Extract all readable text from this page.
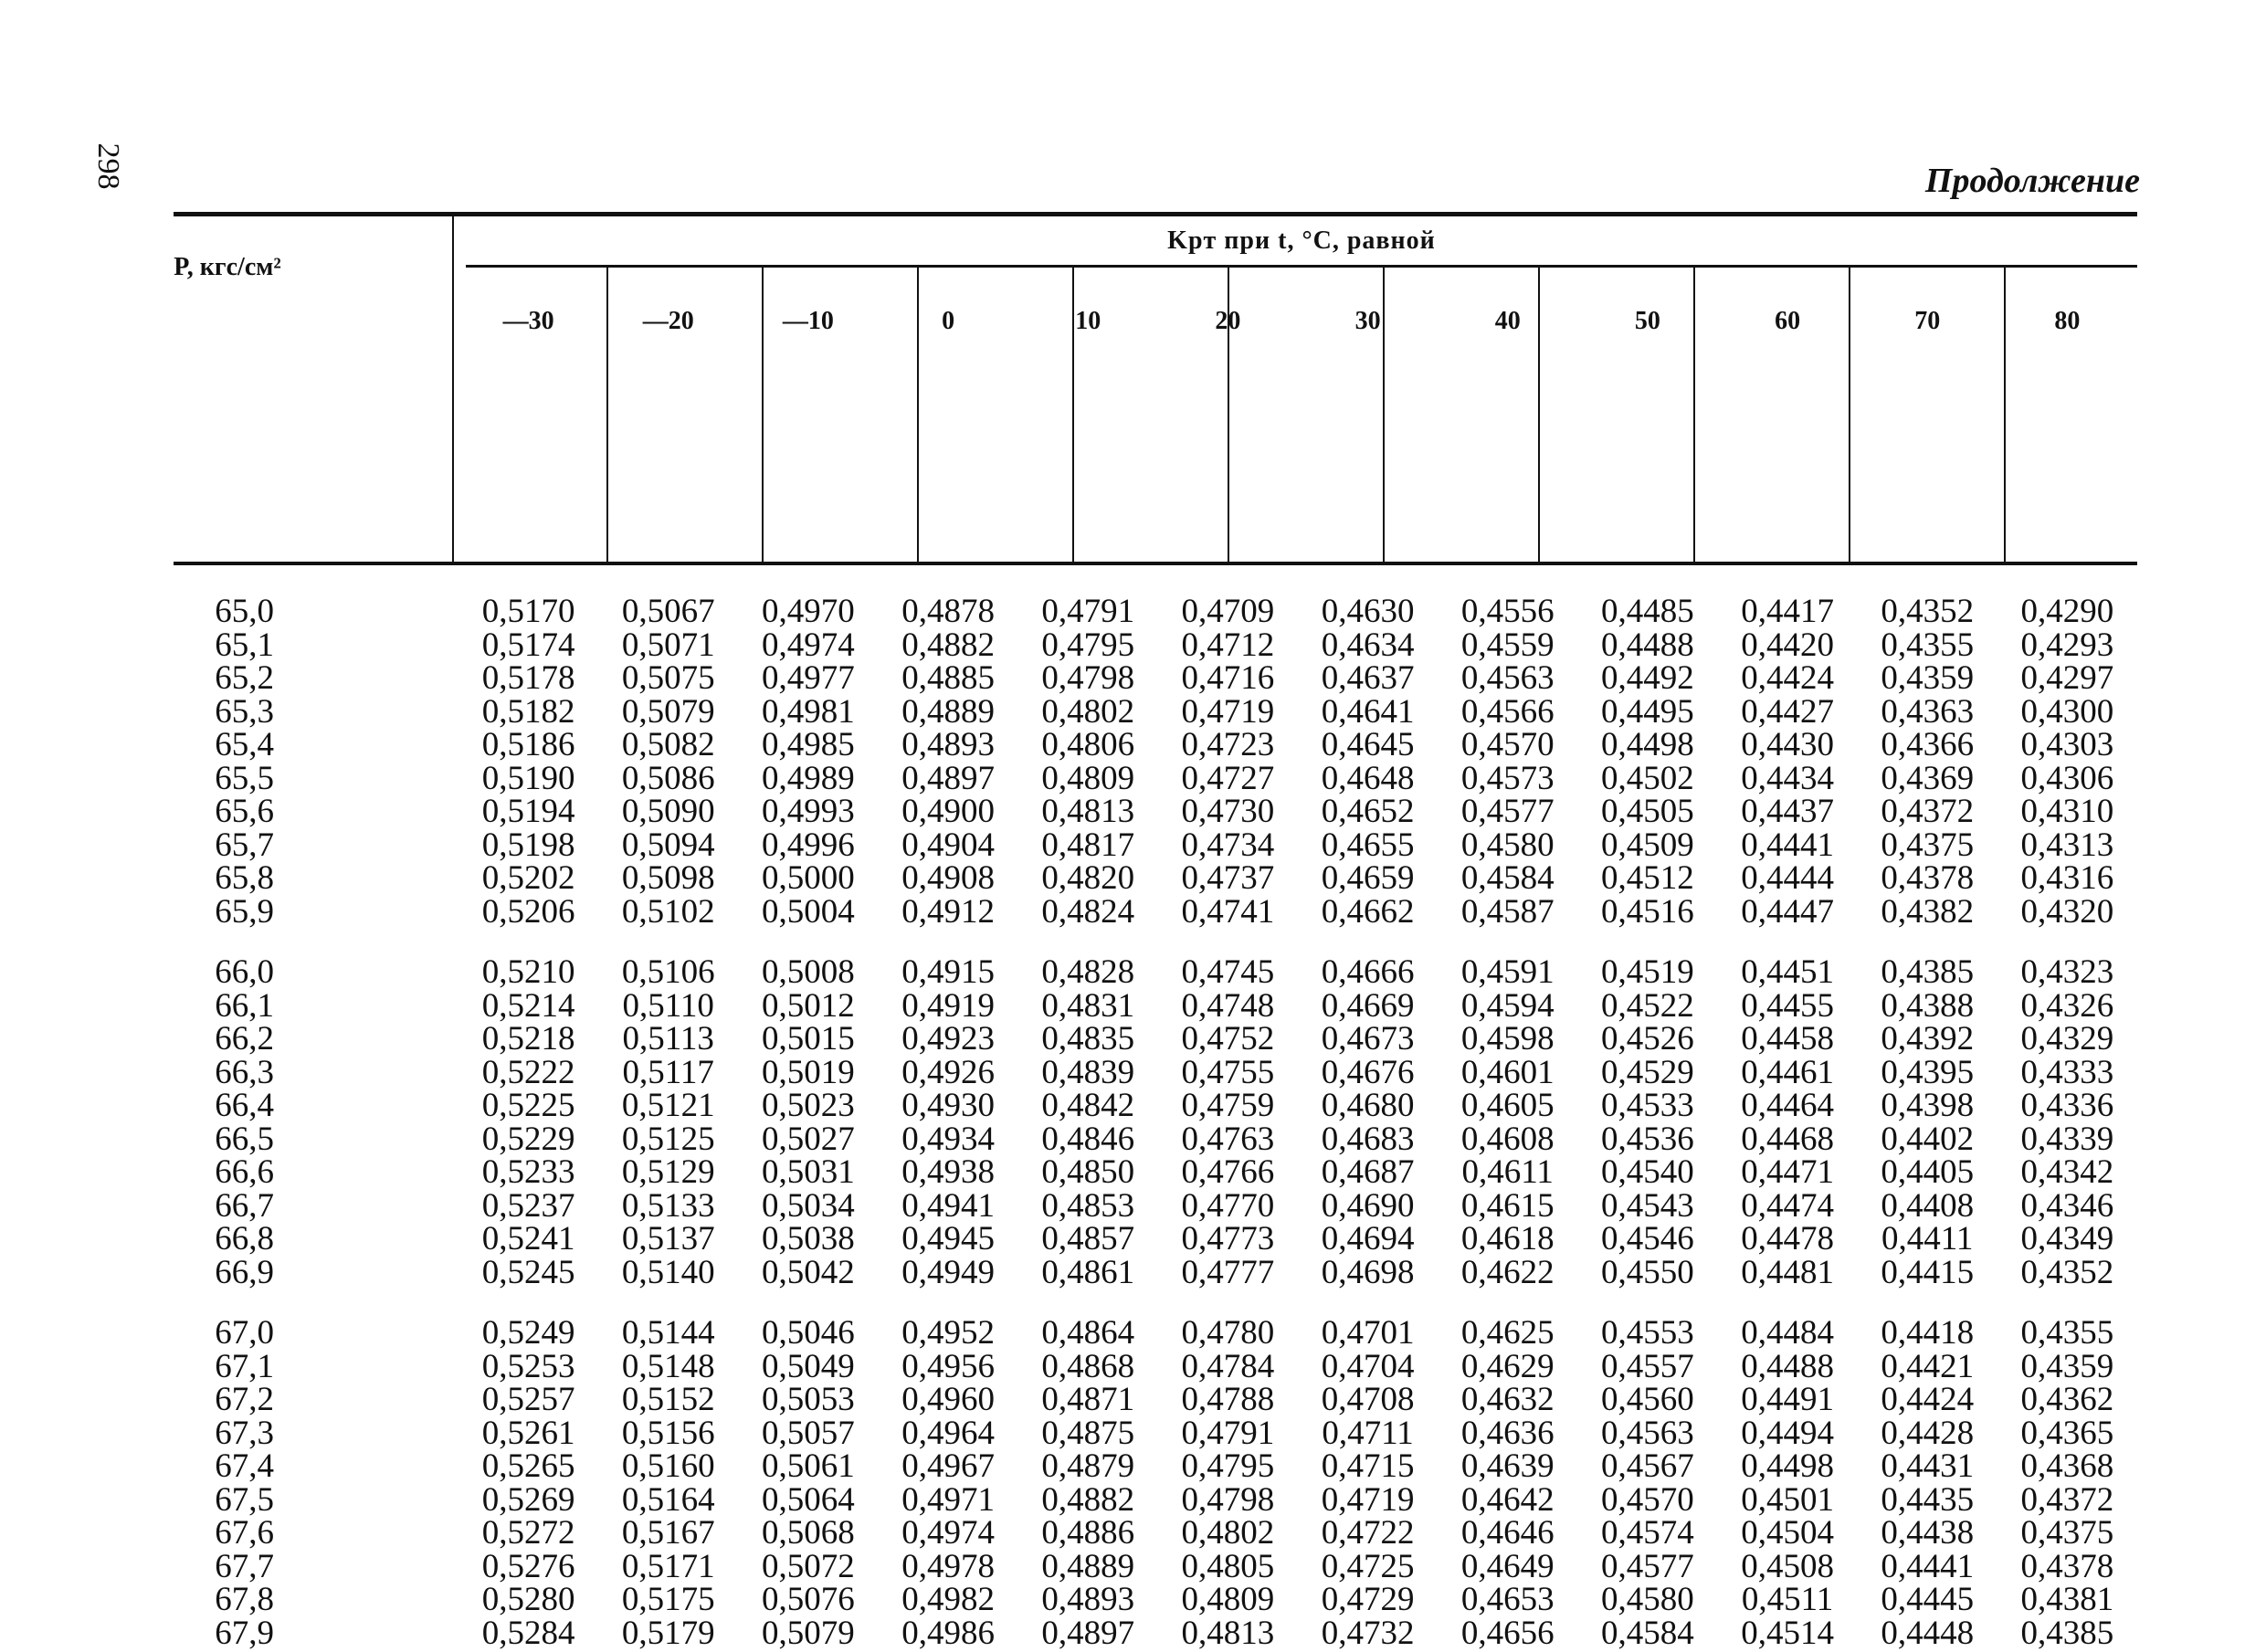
298	Продолжение
P, кгс/см²
Kpт при t, °C, равной
—30	—20	—10	0	10	20	30	40	50	60	70	80
65,0	0,5170	0,5067	0,4970	0,4878	0,4791	0,4709	0,4630	0,4556	0,4485	0,4417	0,4352	0,4290
65,1	0,5174	0,5071	0,4974	0,4882	0,4795	0,4712	0,4634	0,4559	0,4488	0,4420	0,4355	0,4293
65,2	0,5178	0,5075	0,4977	0,4885	0,4798	0,4716	0,4637	0,4563	0,4492	0,4424	0,4359	0,4297
65,3	0,5182	0,5079	0,4981	0,4889	0,4802	0,4719	0,4641	0,4566	0,4495	0,4427	0,4363	0,4300
65,4	0,5186	0,5082	0,4985	0,4893	0,4806	0,4723	0,4645	0,4570	0,4498	0,4430	0,4366	0,4303
65,5	0,5190	0,5086	0,4989	0,4897	0,4809	0,4727	0,4648	0,4573	0,4502	0,4434	0,4369	0,4306
65,6	0,5194	0,5090	0,4993	0,4900	0,4813	0,4730	0,4652	0,4577	0,4505	0,4437	0,4372	0,4310
65,7	0,5198	0,5094	0,4996	0,4904	0,4817	0,4734	0,4655	0,4580	0,4509	0,4441	0,4375	0,4313
65,8	0,5202	0,5098	0,5000	0,4908	0,4820	0,4737	0,4659	0,4584	0,4512	0,4444	0,4378	0,4316
65,9	0,5206	0,5102	0,5004	0,4912	0,4824	0,4741	0,4662	0,4587	0,4516	0,4447	0,4382	0,4320
66,0	0,5210	0,5106	0,5008	0,4915	0,4828	0,4745	0,4666	0,4591	0,4519	0,4451	0,4385	0,4323
66,1	0,5214	0,5110	0,5012	0,4919	0,4831	0,4748	0,4669	0,4594	0,4522	0,4455	0,4388	0,4326
66,2	0,5218	0,5113	0,5015	0,4923	0,4835	0,4752	0,4673	0,4598	0,4526	0,4458	0,4392	0,4329
66,3	0,5222	0,5117	0,5019	0,4926	0,4839	0,4755	0,4676	0,4601	0,4529	0,4461	0,4395	0,4333
66,4	0,5225	0,5121	0,5023	0,4930	0,4842	0,4759	0,4680	0,4605	0,4533	0,4464	0,4398	0,4336
66,5	0,5229	0,5125	0,5027	0,4934	0,4846	0,4763	0,4683	0,4608	0,4536	0,4468	0,4402	0,4339
66,6	0,5233	0,5129	0,5031	0,4938	0,4850	0,4766	0,4687	0,4611	0,4540	0,4471	0,4405	0,4342
66,7	0,5237	0,5133	0,5034	0,4941	0,4853	0,4770	0,4690	0,4615	0,4543	0,4474	0,4408	0,4346
66,8	0,5241	0,5137	0,5038	0,4945	0,4857	0,4773	0,4694	0,4618	0,4546	0,4478	0,4411	0,4349
66,9	0,5245	0,5140	0,5042	0,4949	0,4861	0,4777	0,4698	0,4622	0,4550	0,4481	0,4415	0,4352
67,0	0,5249	0,5144	0,5046	0,4952	0,4864	0,4780	0,4701	0,4625	0,4553	0,4484	0,4418	0,4355
67,1	0,5253	0,5148	0,5049	0,4956	0,4868	0,4784	0,4704	0,4629	0,4557	0,4488	0,4421	0,4359
67,2	0,5257	0,5152	0,5053	0,4960	0,4871	0,4788	0,4708	0,4632	0,4560	0,4491	0,4424	0,4362
67,3	0,5261	0,5156	0,5057	0,4964	0,4875	0,4791	0,4711	0,4636	0,4563	0,4494	0,4428	0,4365
67,4	0,5265	0,5160	0,5061	0,4967	0,4879	0,4795	0,4715	0,4639	0,4567	0,4498	0,4431	0,4368
67,5	0,5269	0,5164	0,5064	0,4971	0,4882	0,4798	0,4719	0,4642	0,4570	0,4501	0,4435	0,4372
67,6	0,5272	0,5167	0,5068	0,4974	0,4886	0,4802	0,4722	0,4646	0,4574	0,4504	0,4438	0,4375
67,7	0,5276	0,5171	0,5072	0,4978	0,4889	0,4805	0,4725	0,4649	0,4577	0,4508	0,4441	0,4378
67,8	0,5280	0,5175	0,5076	0,4982	0,4893	0,4809	0,4729	0,4653	0,4580	0,4511	0,4445	0,4381
67,9	0,5284	0,5179	0,5079	0,4986	0,4897	0,4813	0,4732	0,4656	0,4584	0,4514	0,4448	0,4385
